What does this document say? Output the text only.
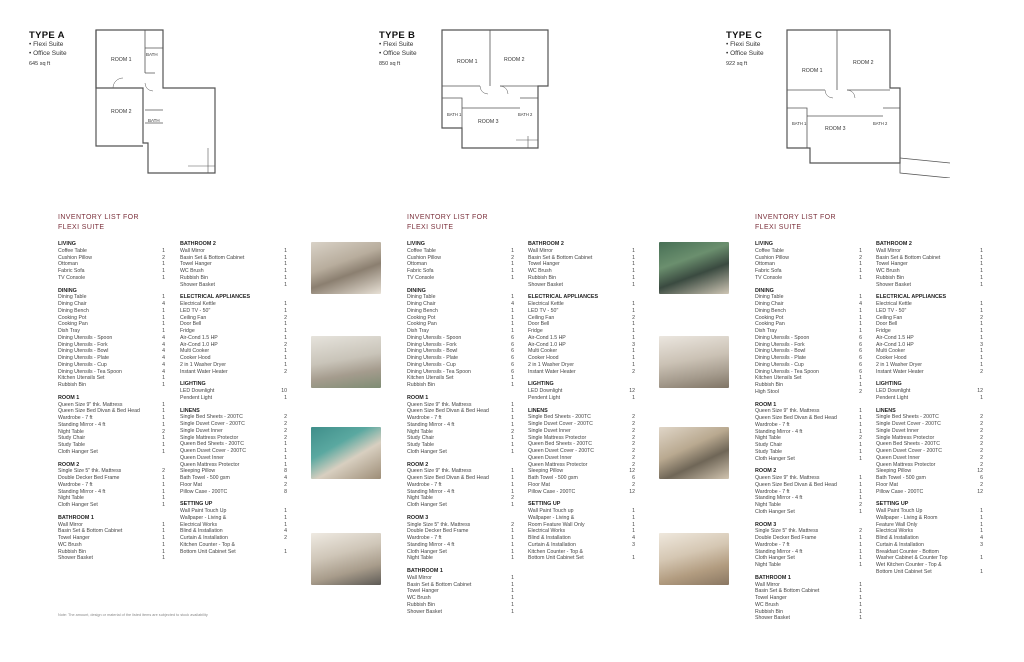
TYPE A
• Flexi Suite
• Office Suite
645 sq ft
TYPE B
• Flexi Suite
• Office Suite
850 sq ft
TYPE C
• Flexi Suite
• Office Suite
922 sq ft
ROOM 1
BATH
ROOM 2
BATH
ROOM 1	ROOM 2
BATH 1
ROOM 3
BATH 2
ROOM 1
ROOM 2
BATH 1
ROOM 3
BATH 2
INVENTORY LIST FOR
FLEXI SUITE
INVENTORY LIST FOR
FLEXI SUITE
INVENTORY LIST FOR
FLEXI SUITE
LIVING
Coffee Table	1
Cushion Pillow	2
Ottoman	1
Fabric Sofa	1
TV Console	1
DINING
Dining Table	1
Dining Chair	4
Dining Bench	1
Cooking Pot	1
Cooking Pan	1
Dish Tray	1
Dining Utensils - Spoon	4
Dining Utensils - Fork	4
Dining Utensils - Bowl	4
Dining Utensils - Plate	4
Dining Utensils - Cup	4
Dining Utensils - Tea Spoon	4
Kitchen Utensils Set	1
Rubbish Bin	1
ROOM 1
Queen Size 9" thk. Mattress	1
Queen Size Bed Divan & Bed Head	1
Wardrobe - 7 ft	1
Standing Mirror - 4 ft	1
Night Table	2
Study Chair	1
Study Table	1
Cloth Hanger Set	1
ROOM 2
Single Size 5" thk. Mattress	2
Double Decker Bed Frame	1
Wardrobe - 7 ft	1
Standing Mirror - 4 ft	1
Night Table	1
Cloth Hanger Set	1
BATHROOM 1
Wall Mirror	1
Basin Set & Bottom Cabinet	1
Towel Hanger	1
WC Brush	1
Rubbish Bin	1
Shower Basket	1
BATHROOM 2
Wall Mirror	1
Basin Set & Bottom Cabinet	1
Towel Hanger	1
WC Brush	1
Rubbish Bin	1
Shower Basket	1
ELECTRICAL APPLIANCES
Electrical Kettle	1
LED TV - 50"	1
Ceiling Fan	2
Door Bell	1
Fridge	1
Air-Cond 1.5 HP	1
Air-Cond 1.0 HP	2
Multi Cooker	1
Cooker Hood	1
2 in 1 Washer Dryer	1
Instant Water Heater	2
LIGHTING
LED Downlight	10
Pendent Light	1
LINENS
Single Bed Sheets - 200TC	2
Single Duvet Cover - 200TC	2
Single Duvet Inner	2
Single Mattress Protector	2
Queen Bed Sheets - 200TC	1
Queen Duvet Cover - 200TC	1
Queen Duvet Inner	1
Queen Mattress Protector	1
Sleeping Pillow	8
Bath Towel - 500 gsm	4
Floor Mat	2
Pillow Case - 200TC	8
SETTING UP
Wall Paint Touch Up	1
Wallpaper - Living &	1
Electrical Works	1
Blind & Installation	4
Curtain & Installation	2
Kitchen Counter - Top &
Bottom Unit Cabinet Set	1
LIVING
Coffee Table	1
Cushion Pillow	2
Ottoman	1
Fabric Sofa	1
TV Console	1
DINING
Dining Table	1
Dining Chair	4
Dining Bench	1
Cooking Pot	1
Cooking Pan	1
Dish Tray	1
Dining Utensils - Spoon	6
Dining Utensils - Fork	6
Dining Utensils - Bowl	6
Dining Utensils - Plate	6
Dining Utensils - Cup	6
Dining Utensils - Tea Spoon	6
Kitchen Utensils Set	1
Rubbish Bin	1
ROOM 1
Queen Size 9" thk. Mattress	1
Queen Size Bed Divan & Bed Head	1
Wardrobe - 7 ft	1
Standing Mirror - 4 ft	1
Night Table	2
Study Chair	1
Study Table	1
Cloth Hanger Set	1
ROOM 2
Queen Size 9" thk. Mattress	1
Queen Size Bed Divan & Bed Head	1
Wardrobe - 7 ft	1
Standing Mirror - 4 ft	1
Night Table	2
Cloth Hanger Set	1
ROOM 3
Single Size 5" thk. Mattress	2
Double Decker Bed Frame	1
Wardrobe - 7 ft	1
Standing Mirror - 4 ft	1
Cloth Hanger Set	1
Night Table	1
BATHROOM 1
Wall Mirror	1
Basin Set & Bottom Cabinet	1
Towel Hanger	1
WC Brush	1
Rubbish Bin	1
Shower Basket	1
BATHROOM 2
Wall Mirror	1
Basin Set & Bottom Cabinet	1
Towel Hanger	1
WC Brush	1
Rubbish Bin	1
Shower Basket	1
ELECTRICAL APPLIANCES
Electrical Kettle	1
LED TV - 50"	1
Ceiling Fan	2
Door Bell	1
Fridge	1
Air-Cond 1.5 HP	1
Air-Cond 1.0 HP	3
Multi Cooker	1
Cooker Hood	1
2 in 1 Washer Dryer	1
Instant Water Heater	2
LIGHTING
LED Downlight	12
Pendent Light	1
LINENS
Single Bed Sheets - 200TC	2
Single Duvet Cover - 200TC	2
Single Duvet Inner	2
Single Mattress Protector	2
Queen Bed Sheets - 200TC	2
Queen Duvet Cover - 200TC	2
Queen Duvet Inner	2
Queen Mattress Protector	2
Sleeping Pillow	12
Bath Towel - 500 gsm	6
Floor Mat	2
Pillow Case - 200TC	12
SETTING UP
Wall Paint Touch up	1
Wallpaper - Living &	1
Room Feature Wall Only	1
Electrical Works	1
Blind & Installation	4
Curtain & Installation	3
Kitchen Counter - Top &
Bottom Unit Cabinet Set	1
LIVING
Coffee Table	1
Cushion Pillow	2
Ottoman	1
Fabric Sofa	1
TV Console	1
DINING
Dining Table	1
Dining Chair	4
Dining Bench	1
Cooking Pot	1
Cooking Pan	1
Dish Tray	1
Dining Utensils - Spoon	6
Dining Utensils - Fork	6
Dining Utensils - Bowl	6
Dining Utensils - Plate	6
Dining Utensils - Cup	6
Dining Utensils - Tea Spoon	6
Kitchen Utensils Set	1
Rubbish Bin	1
High Stool	2
ROOM 1
Queen Size 9" thk. Mattress	1
Queen Size Bed Divan & Bed Head	1
Wardrobe - 7 ft	1
Standing Mirror - 4 ft	1
Night Table	2
Study Chair	1
Study Table	1
Cloth Hanger Set	1
ROOM 2
Queen Size 9" thk. Mattress	1
Queen Size Bed Divan & Bed Head	1
Wardrobe - 7 ft	1
Standing Mirror - 4 ft	1
Night Table	2
Cloth Hanger Set	1
ROOM 3
Single Size 5" thk. Mattress	2
Double Decker Bed Frame	1
Wardrobe - 7 ft	1
Standing Mirror - 4 ft	1
Cloth Hanger Set	1
Night Table	1
BATHROOM 1
Wall Mirror	1
Basin Set & Bottom Cabinet	1
Towel Hanger	1
WC Brush	1
Rubbish Bin	1
Shower Basket	1
BATHROOM 2
Wall Mirror	1
Basin Set & Bottom Cabinet	1
Towel Hanger	1
WC Brush	1
Rubbish Bin	1
Shower Basket	1
ELECTRICAL APPLIANCES
Electrical Kettle	1
LED TV - 50"	1
Ceiling Fan	2
Door Bell	1
Fridge	1
Air-Cond 1.5 HP	1
Air-Cond 1.0 HP	3
Multi Cooker	1
Cooker Hood	1
2 in 1 Washer Dryer	1
Instant Water Heater	2
LIGHTING
LED Downlight	12
Pendent Light	1
LINENS
Single Bed Sheets - 200TC	2
Single Duvet Cover - 200TC	2
Single Duvet Inner	2
Single Mattress Protector	2
Queen Bed Sheets - 200TC	2
Queen Duvet Cover - 200TC	2
Queen Duvet Inner	2
Queen Mattress Protector	2
Sleeping Pillow	12
Bath Towel - 500 gsm	6
Floor Mat	2
Pillow Case - 200TC	12
SETTING UP
Wall Paint Touch Up	1
Wallpaper - Living & Room	1
Feature Wall Only	1
Electrical Works	1
Blind & Installation	4
Curtain & Installation	3
Breakfast Counter - Bottom
Washer Cabinet & Counter Top	1
Wet Kitchen Counter - Top &
Bottom Unit Cabinet Set	1
Note: The amount, design or material of the listed items are subjected to stock availability
